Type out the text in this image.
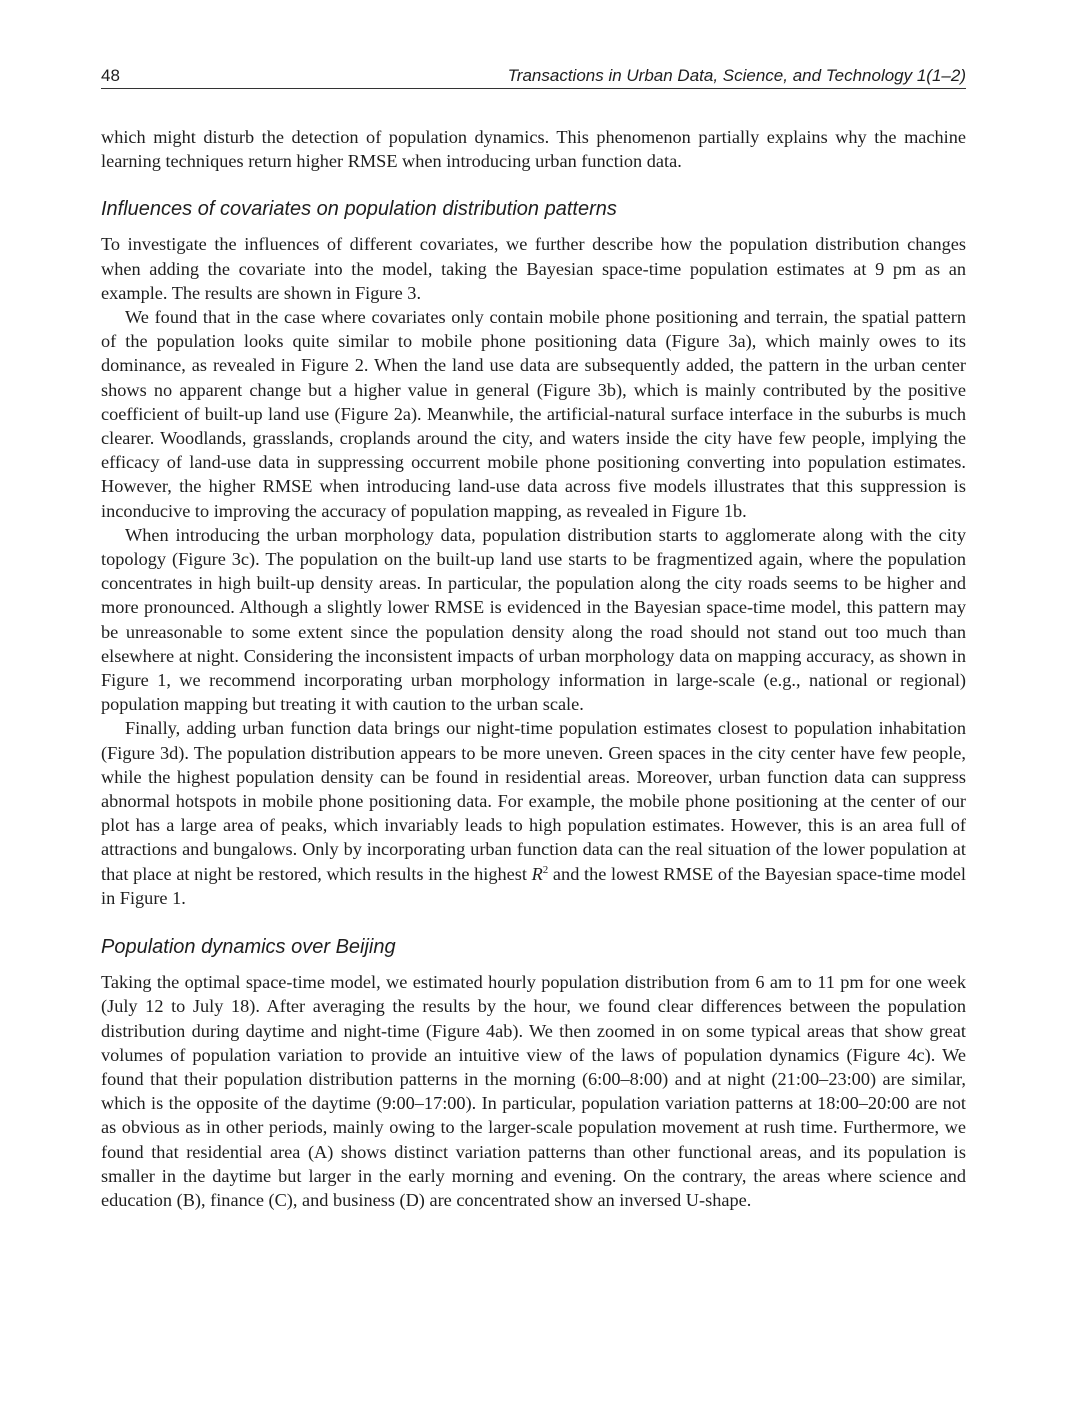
48	Transactions in Urban Data, Science, and Technology 1(1–2)

which might disturb the detection of population dynamics. This phenomenon partially explains why the machine learning techniques return higher RMSE when introducing urban function data.

Influences of covariates on population distribution patterns

To investigate the influences of different covariates, we further describe how the population distribution changes when adding the covariate into the model, taking the Bayesian space-time population estimates at 9 pm as an example. The results are shown in Figure 3.

We found that in the case where covariates only contain mobile phone positioning and terrain, the spatial pattern of the population looks quite similar to mobile phone positioning data (Figure 3a), which mainly owes to its dominance, as revealed in Figure 2. When the land use data are subsequently added, the pattern in the urban center shows no apparent change but a higher value in general (Figure 3b), which is mainly contributed by the positive coefficient of built-up land use (Figure 2a). Meanwhile, the artificial-natural surface interface in the suburbs is much clearer. Woodlands, grasslands, croplands around the city, and waters inside the city have few people, implying the efficacy of land-use data in suppressing occurrent mobile phone positioning converting into population estimates. However, the higher RMSE when introducing land-use data across five models illustrates that this suppression is inconducive to improving the accuracy of population mapping, as revealed in Figure 1b.

When introducing the urban morphology data, population distribution starts to agglomerate along with the city topology (Figure 3c). The population on the built-up land use starts to be fragmentized again, where the population concentrates in high built-up density areas. In particular, the population along the city roads seems to be higher and more pronounced. Although a slightly lower RMSE is evidenced in the Bayesian space-time model, this pattern may be unreasonable to some extent since the population density along the road should not stand out too much than elsewhere at night. Considering the inconsistent impacts of urban morphology data on mapping accuracy, as shown in Figure 1, we recommend incorporating urban morphology information in large-scale (e.g., national or regional) population mapping but treating it with caution to the urban scale.

Finally, adding urban function data brings our night-time population estimates closest to population inhabitation (Figure 3d). The population distribution appears to be more uneven. Green spaces in the city center have few people, while the highest population density can be found in residential areas. Moreover, urban function data can suppress abnormal hotspots in mobile phone positioning data. For example, the mobile phone positioning at the center of our plot has a large area of peaks, which invariably leads to high population estimates. However, this is an area full of attractions and bungalows. Only by incorporating urban function data can the real situation of the lower population at that place at night be restored, which results in the highest $R^2$ and the lowest RMSE of the Bayesian space-time model in Figure 1.

Population dynamics over Beijing

Taking the optimal space-time model, we estimated hourly population distribution from 6 am to 11 pm for one week (July 12 to July 18). After averaging the results by the hour, we found clear differences between the population distribution during daytime and night-time (Figure 4ab). We then zoomed in on some typical areas that show great volumes of population variation to provide an intuitive view of the laws of population dynamics (Figure 4c). We found that their population distribution patterns in the morning (6:00–8:00) and at night (21:00–23:00) are similar, which is the opposite of the daytime (9:00–17:00). In particular, population variation patterns at 18:00–20:00 are not as obvious as in other periods, mainly owing to the larger-scale population movement at rush time. Furthermore, we found that residential area (A) shows distinct variation patterns than other functional areas, and its population is smaller in the daytime but larger in the early morning and evening. On the contrary, the areas where science and education (B), finance (C), and business (D) are concentrated show an inversed U-shape.
